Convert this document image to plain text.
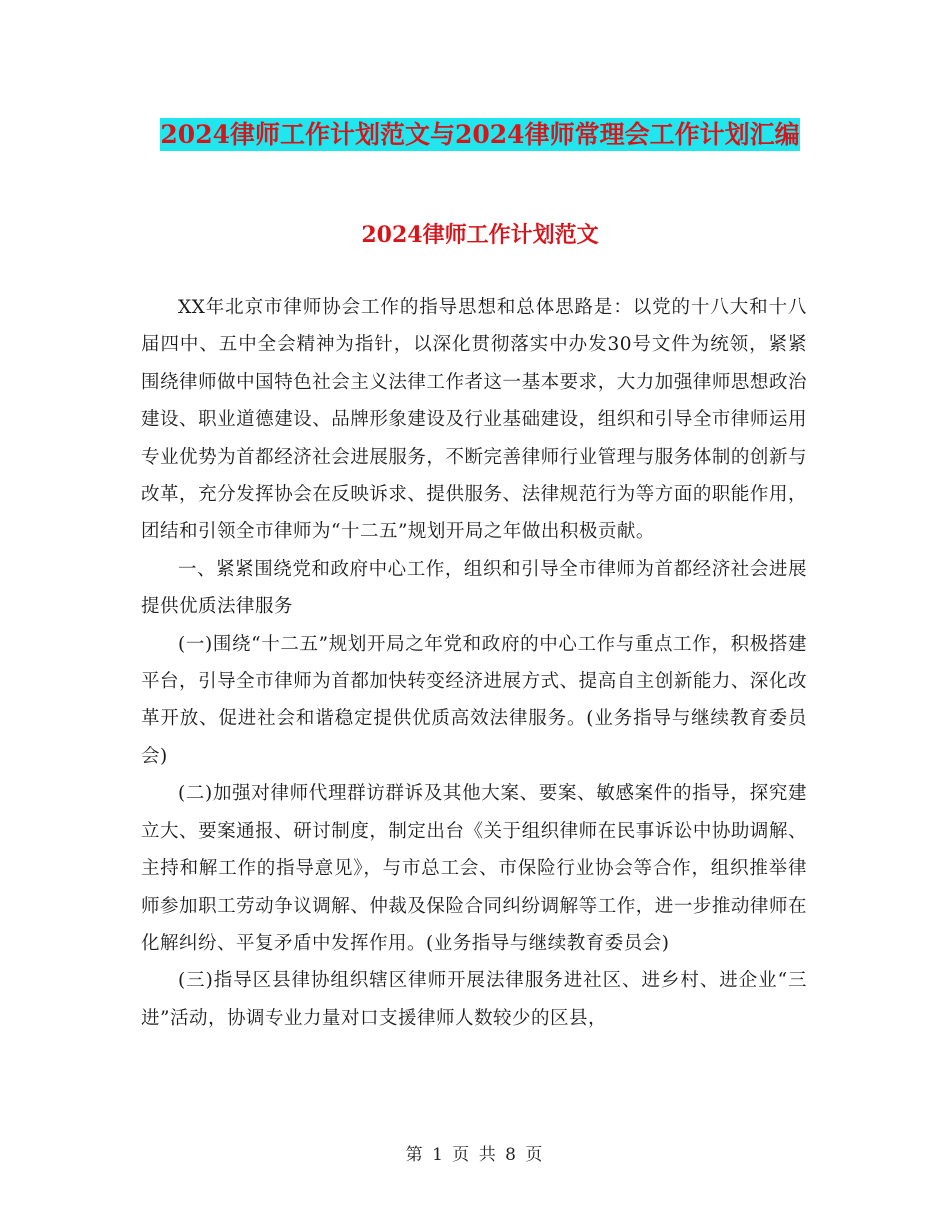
2024律师工作计划范文与2024律师常理会工作计划汇编
2024律师工作计划范文

XX年北京市律师协会工作的指导思想和总体思路是：以党的十八大和十八届四中、五中全会精神为指针，以深化贯彻落实中办发30号文件为统领，紧紧围绕律师做中国特色社会主义法律工作者这一基本要求，大力加强律师思想政治建设、职业道德建设、品牌形象建设及行业基础建设，组织和引导全市律师运用专业优势为首都经济社会进展服务，不断完善律师行业管理与服务体制的创新与改革，充分发挥协会在反映诉求、提供服务、法律规范行为等方面的职能作用，团结和引领全市律师为“十二五”规划开局之年做出积极贡献。

一、紧紧围绕党和政府中心工作，组织和引导全市律师为首都经济社会进展提供优质法律服务

(一)围绕“十二五”规划开局之年党和政府的中心工作与重点工作，积极搭建平台，引导全市律师为首都加快转变经济进展方式、提高自主创新能力、深化改革开放、促进社会和谐稳定提供优质高效法律服务。(业务指导与继续教育委员会)

(二)加强对律师代理群访群诉及其他大案、要案、敏感案件的指导，探究建立大、要案通报、研讨制度，制定出台《关于组织律师在民事诉讼中协助调解、主持和解工作的指导意见》，与市总工会、市保险行业协会等合作，组织推举律师参加职工劳动争议调解、仲裁及保险合同纠纷调解等工作，进一步推动律师在化解纠纷、平复矛盾中发挥作用。(业务指导与继续教育委员会)

(三)指导区县律协组织辖区律师开展法律服务进社区、进乡村、进企业“三进”活动，协调专业力量对口支援律师人数较少的区县，

第 1 页 共 8 页
